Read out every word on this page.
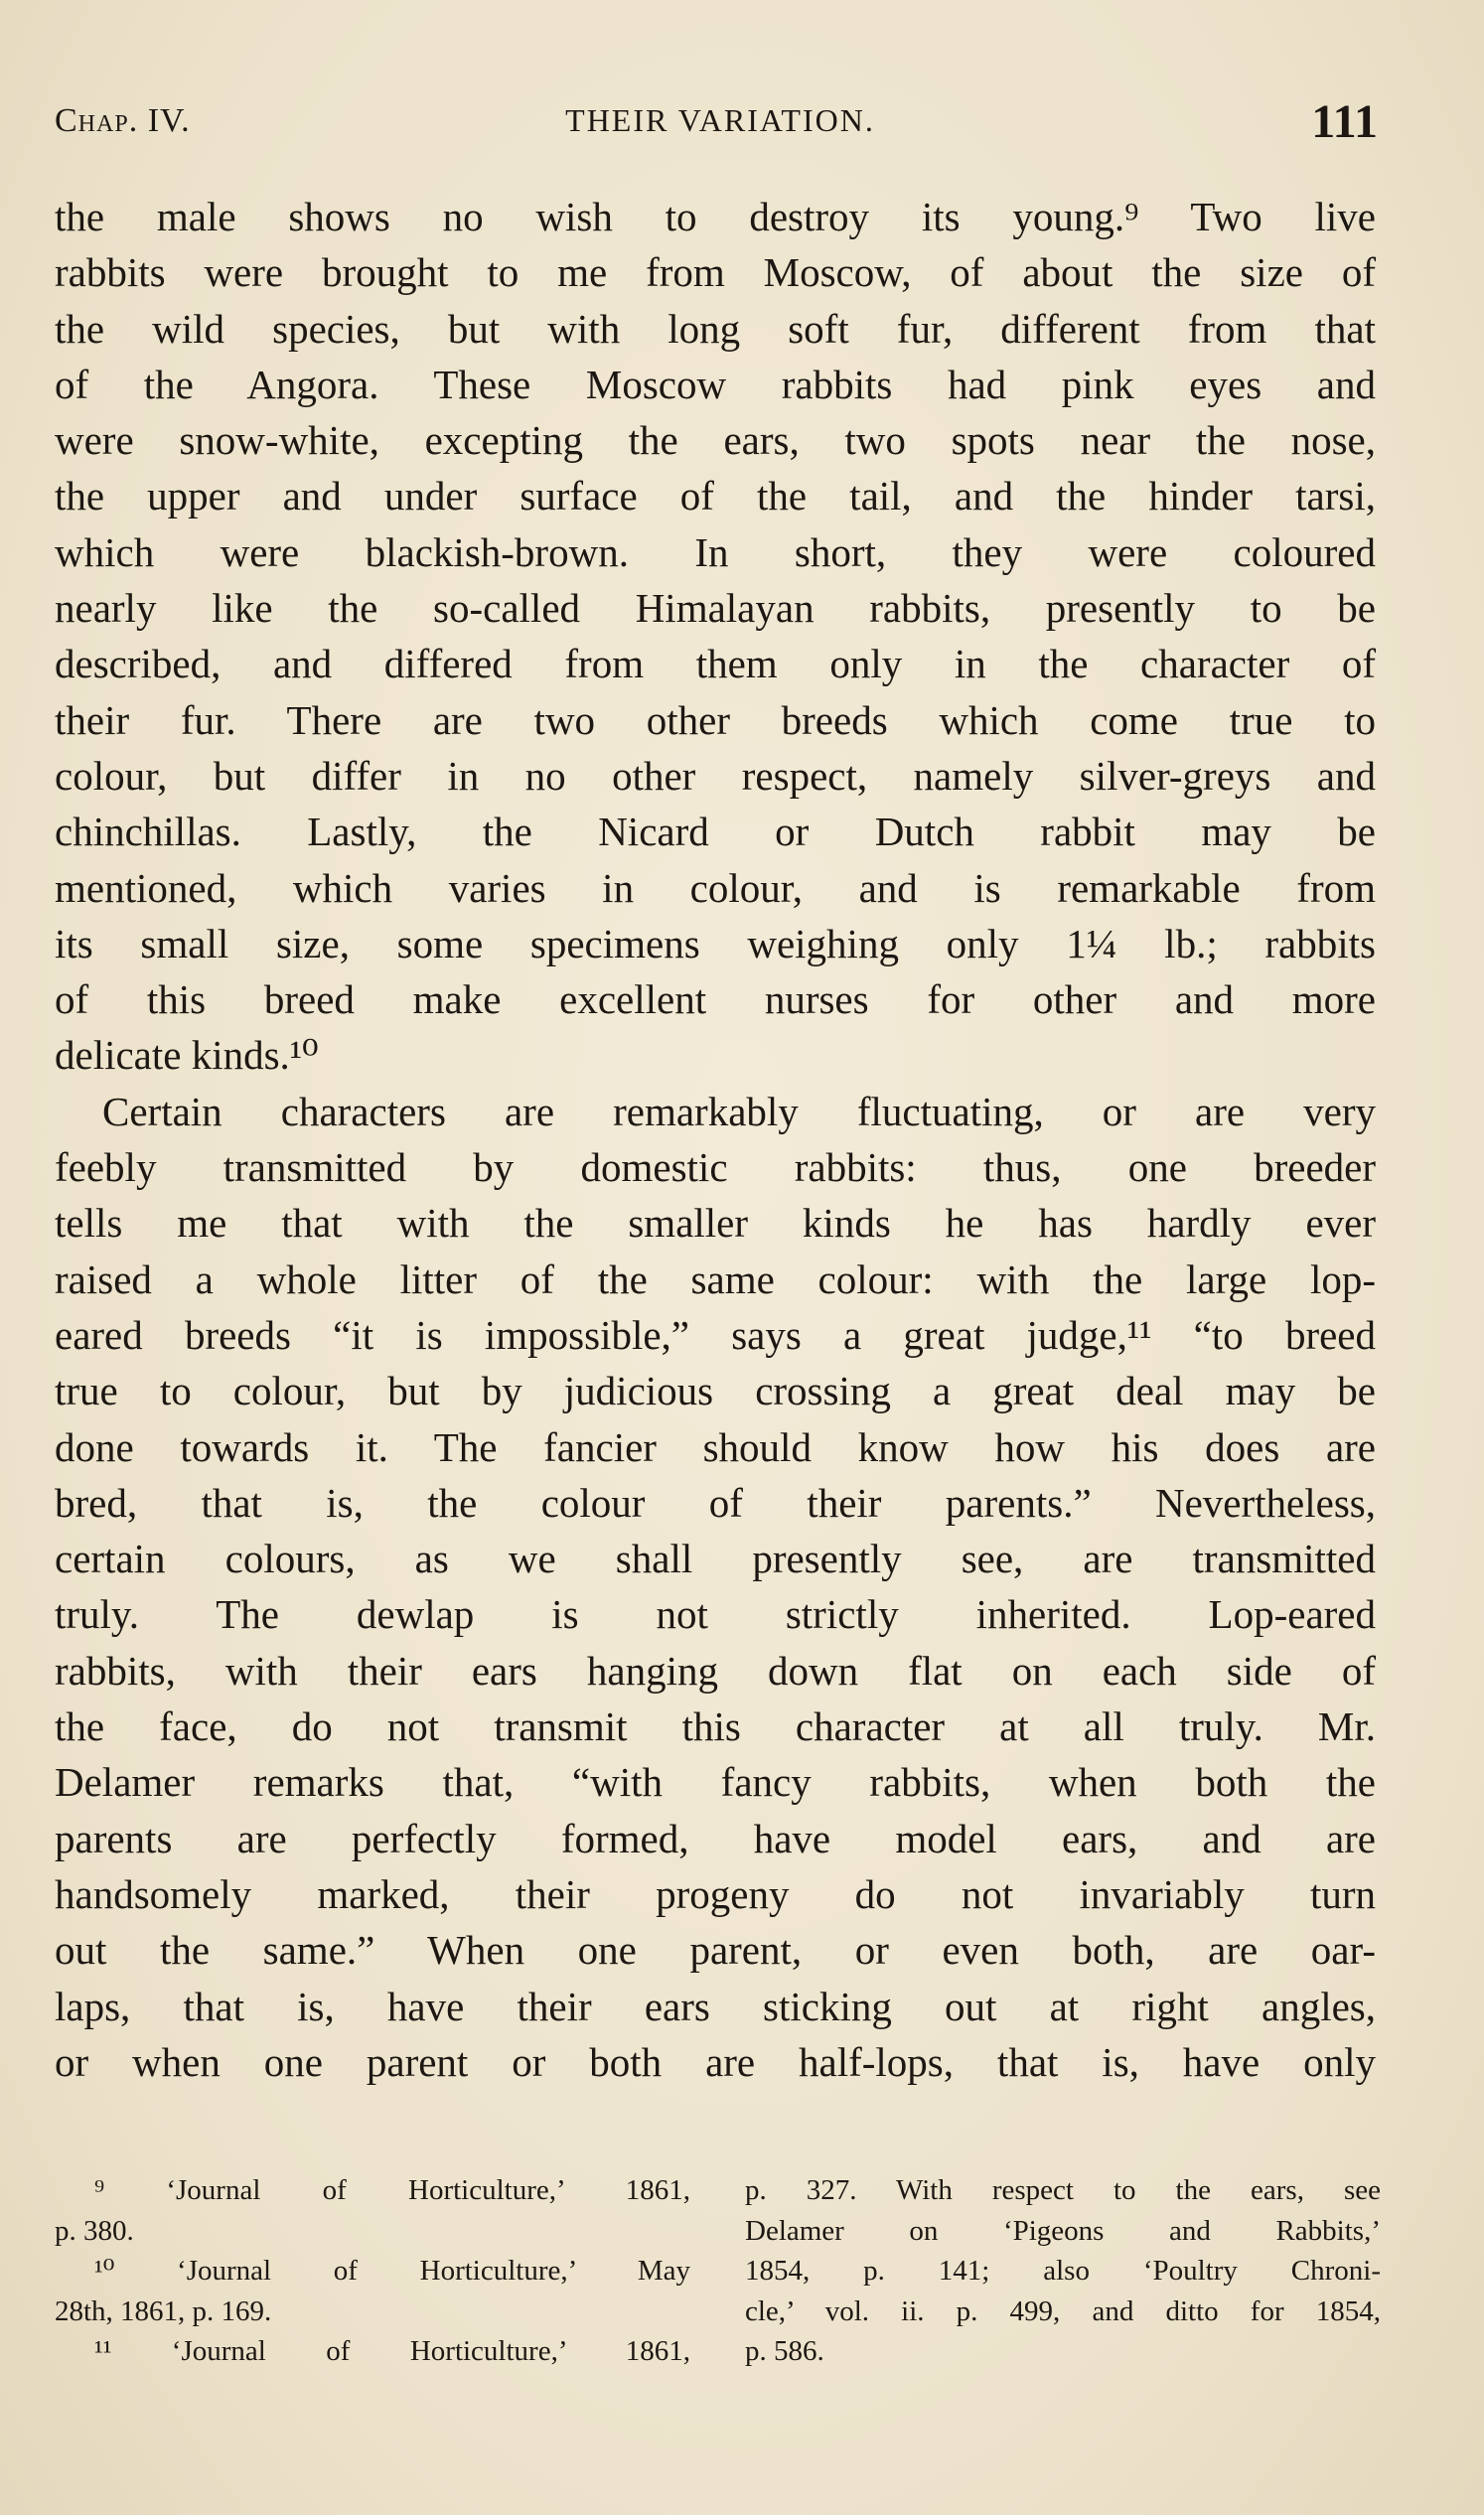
Chap. IV.	THEIR VARIATION.	111
the male shows no wish to destroy its young.⁹ Two live
rabbits were brought to me from Moscow, of about the size of
the wild species, but with long soft fur, different from that
of the Angora. These Moscow rabbits had pink eyes and
were snow-white, excepting the ears, two spots near the nose,
the upper and under surface of the tail, and the hinder tarsi,
which were blackish-brown. In short, they were coloured
nearly like the so-called Himalayan rabbits, presently to be
described, and differed from them only in the character of
their fur. There are two other breeds which come true to
colour, but differ in no other respect, namely silver-greys and
chinchillas. Lastly, the Nicard or Dutch rabbit may be
mentioned, which varies in colour, and is remarkable from
its small size, some specimens weighing only 1¼ lb.; rabbits
of this breed make excellent nurses for other and more
delicate kinds.¹⁰
Certain characters are remarkably fluctuating, or are very
feebly transmitted by domestic rabbits: thus, one breeder
tells me that with the smaller kinds he has hardly ever
raised a whole litter of the same colour: with the large lop-
eared breeds “it is impossible,” says a great judge,¹¹ “to breed
true to colour, but by judicious crossing a great deal may be
done towards it. The fancier should know how his does are
bred, that is, the colour of their parents.” Nevertheless,
certain colours, as we shall presently see, are transmitted
truly. The dewlap is not strictly inherited. Lop-eared
rabbits, with their ears hanging down flat on each side of
the face, do not transmit this character at all truly. Mr.
Delamer remarks that, “with fancy rabbits, when both the
parents are perfectly formed, have model ears, and are
handsomely marked, their progeny do not invariably turn
out the same.” When one parent, or even both, are oar-
laps, that is, have their ears sticking out at right angles,
or when one parent or both are half-lops, that is, have only
⁹ ‘Journal of Horticulture,’ 1861,
p. 380.
¹⁰ ‘Journal of Horticulture,’ May
28th, 1861, p. 169.
¹¹ ‘Journal of Horticulture,’ 1861,
p. 327. With respect to the ears, see
Delamer on ‘Pigeons and Rabbits,’
1854, p. 141; also ‘Poultry Chroni-
cle,’ vol. ii. p. 499, and ditto for 1854,
p. 586.
